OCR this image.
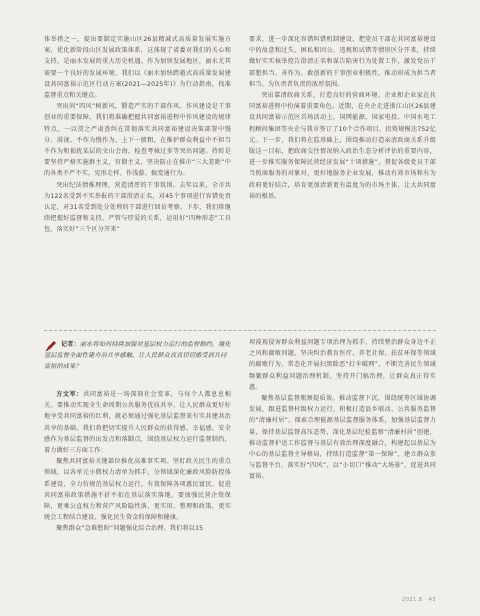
体举措之一，提出要制定实施山区26县精减式高质量发展实施方案，优化新阶段山区发展政策体系，这体现了省委对我们的关心和支持，是丽水发展的重大历史机遇。作为加快发展地区，丽水尤其需要一个良好的发展环境。我们以《丽水加快跨越式高质量发展建设共同富裕示范区行动方案(2021—2025年)》为行动指南，找准监督重点和关键点。

突出问“四风”树新风，锻造严实的干部作风。作风建设是干事创业的重要保障。我们将准确把握共同富裕进程中作风建设的规律特点，一以贯之严肃查纠在贯彻落实共同富裕建设决策部署中慢分、漠视、不作为慢作为、上下一般粗，在推护群众利益中不担当不作为和损扰某层的文山会海、检查考核过多等突出问题。持转是要坚持严格实施群主义，官僚主义，坚决防止在推市“三大差距”中的各类不严不实，宪形走样、作浅游、搞变通行为。

突出纪法情推理理，营造清厚的干事氛围。去年以来，全市共为122名受到不实举报的干部澄清正名，对45个事项进行容错免责认定，对31名受到处分处理的干部进行回访考察。下步，我们将继续把握好监督和支持、严管与厚爱的关系，运用好“四种形态”工具包，落实好“三个区分开来”

要求，进一步深化容错纠错机制建设，把党员干部在共同富裕建设中的故意和过失，困私和因公、违规和试错等情形区分开来，持续做好实实核举控告澄清正名和谋告陷害行为处置工作，激发党员干部想担当、善作为、敢创新的干事创业积极性，推动形成为担当者担当、为负责者负责的浓厚氛围。

突出靠清政商关系，打造良好的营商环境。企业和企业家在共同富裕进程中扮演着重要角色。近期，在央企走进浙江山区26县建设共同富裕示范区首场活动上，国网能源、国家电投、中国水电工程顾问集团等央企与我市签订了10个合作项目，投资规模达752亿元。下一步，我们将在监基础上，围绕推动打造亲清政商关系升级版这一目标，把政商交往情况纳入政治生态分析评估的重要内容，进一步推实服务保障民营经济发展“十项措施”，督促各级党员干部当照商服务的对象对，更好地服务企业发展，推动有效市场和有为政府更好结合，培育更加清新更有温度为的市场主体，让大共同富裕的根基。

记者：丽水将如何持续加强对基层权力运行的监督制约，继化基层监督全面性建舟治共享感触，让人民群众真真切切感受到共同富裕的成果？

方文军：共同富裕是一场深刻社会变革，与每个人都息息相关。要推动实现全生命周期公共服务优质共享，让人民群众更好好地享受共同富裕的红利，就必须通过强化基层监督来有实共建共治共享的基础。我们将把切实提升人民群众的获得感、幸福感、安全感作为基层监督的出发点和落脚点，围绕基层权力运行监督制约，着力做好三方面工作：

聚焦共同富裕关键部位推优高难事实项。坚盯政关民生的重点领域，以各单元小微权力清单为抓手，分领域深化廉政风险防控体系建设，全力仿规范基层权力运行，有效保障各项惠民富民、促进共同富裕政策措施不折不扣在基层落实落地。要加强民营企资保障，更乘公直权力和营产风险隐性落，更实用、整理和政策，更实统会工程结合建设、强化民生资金的保障和健康。

聚焦群众“急难愁盼”问题强化综合治理。我们将以15

项漠视侵害群众利益问题专项治理为抓手，持续整治群众身边不正之风和腐败问题，坚决纠治教育医疗、养老社保、扶贫环保等领域的腐败行为，常态化开展扫黑除恶“打伞破网”，不断完善民生领域频繁群众利益问题治理机制，坚持开门搞治理，让群众真正得实惠。

聚焦基层监督瓶颈提质效。推动监督下沉，围绕统筹区域协调发展，跟进监督村级权力运行，积极打造县乡联动、公共服务监督的“清廉村居”，探索合理能源基层监督服务体系，加强基层监督力量，保持基层监督高压态势，深化基层纪检监察“清廉村居”创建，推动监督护送工作监督与基层有效治理深度融合，构建起以基层为中心的基层监督主导格局，持续打造监督“第一保障”，建立群众参与监督平台，落实好“四风”、以“小切口”推动“大场景”，促进共同富裕。

2021.8 · 43
